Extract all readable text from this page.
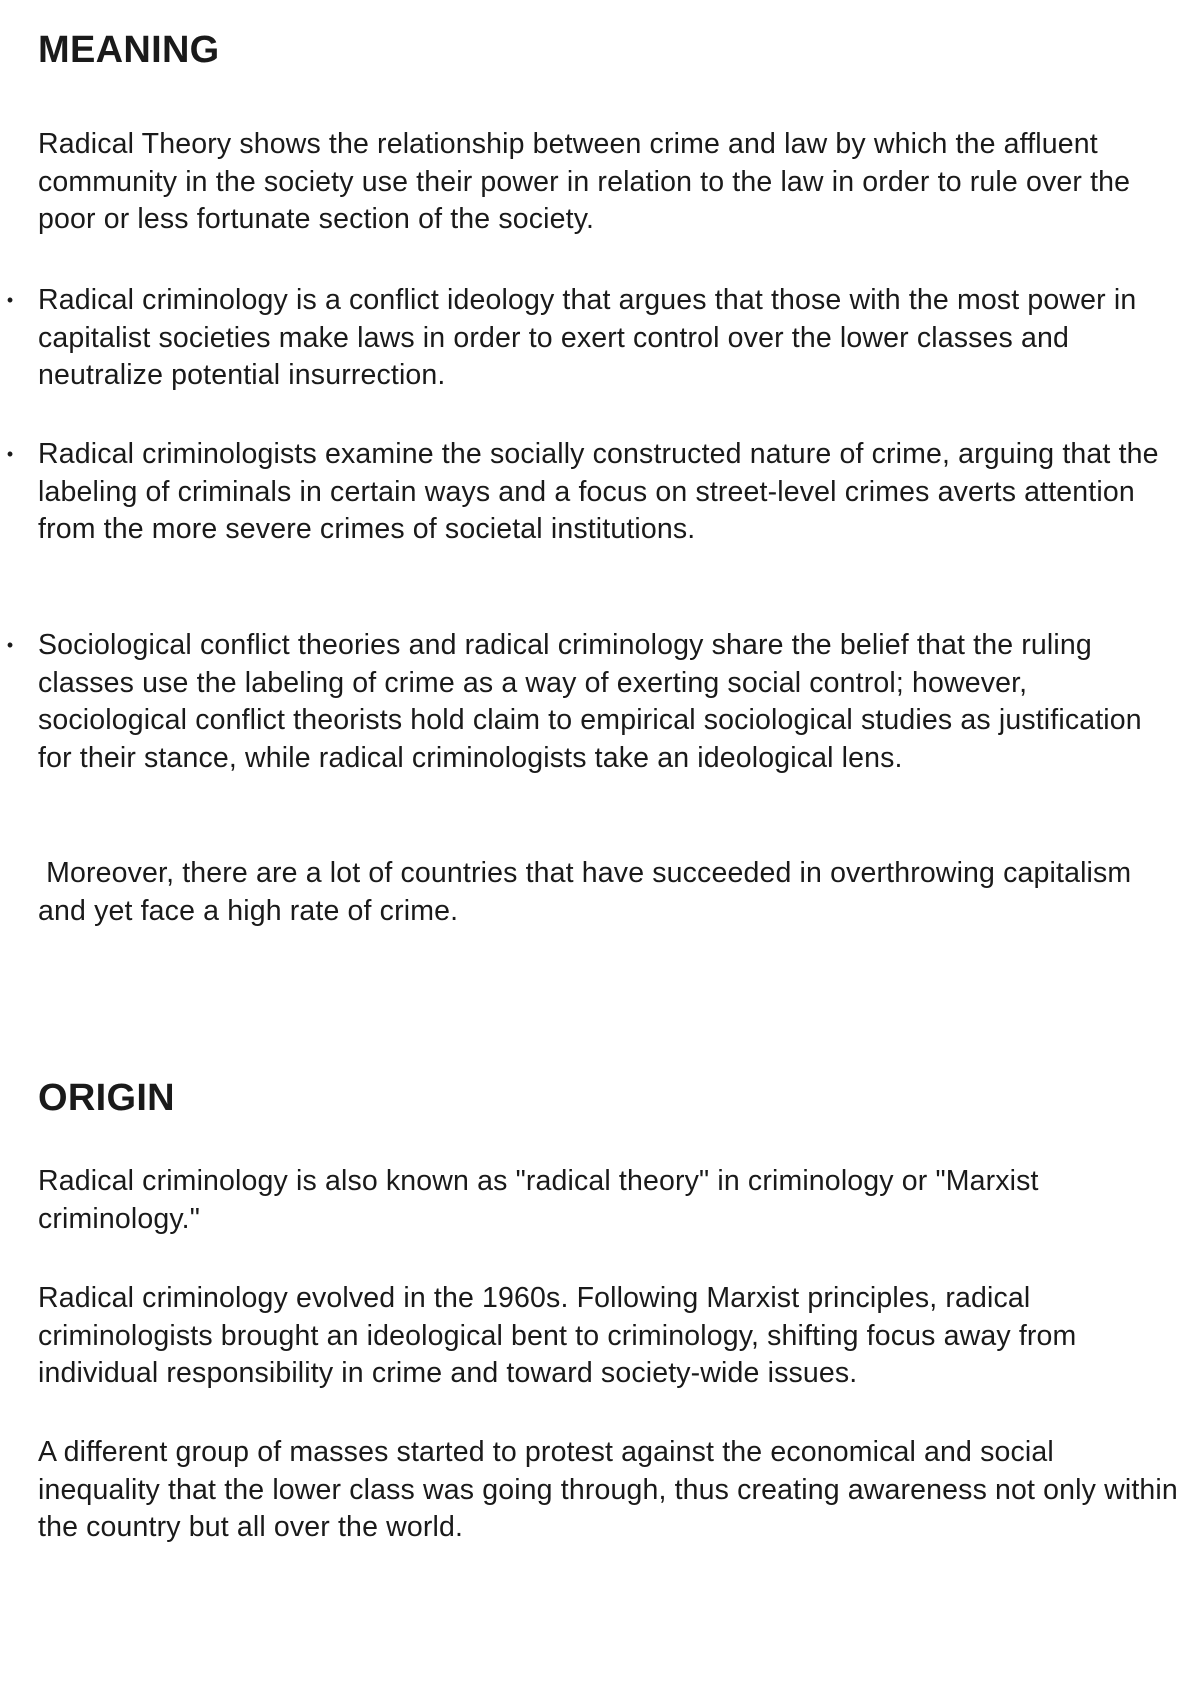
MEANING

Radical Theory shows the relationship between crime and law by which the affluent community in the society use their power in relation to the law in order to rule over the poor or less fortunate section of the society.

• Radical criminology is a conflict ideology that argues that those with the most power in capitalist societies make laws in order to exert control over the lower classes and neutralize potential insurrection.

• Radical criminologists examine the socially constructed nature of crime, arguing that the labeling of criminals in certain ways and a focus on street-level crimes averts attention from the more severe crimes of societal institutions.

• Sociological conflict theories and radical criminology share the belief that the ruling classes use the labeling of crime as a way of exerting social control; however, sociological conflict theorists hold claim to empirical sociological studies as justification for their stance, while radical criminologists take an ideological lens.

Moreover, there are a lot of countries that have succeeded in overthrowing capitalism and yet face a high rate of crime.

ORIGIN

Radical criminology is also known as "radical theory" in criminology or "Marxist criminology."

Radical criminology evolved in the 1960s. Following Marxist principles, radical criminologists brought an ideological bent to criminology, shifting focus away from individual responsibility in crime and toward society-wide issues.

A different group of masses started to protest against the economical and social inequality that the lower class was going through, thus creating awareness not only within the country but all over the world.
